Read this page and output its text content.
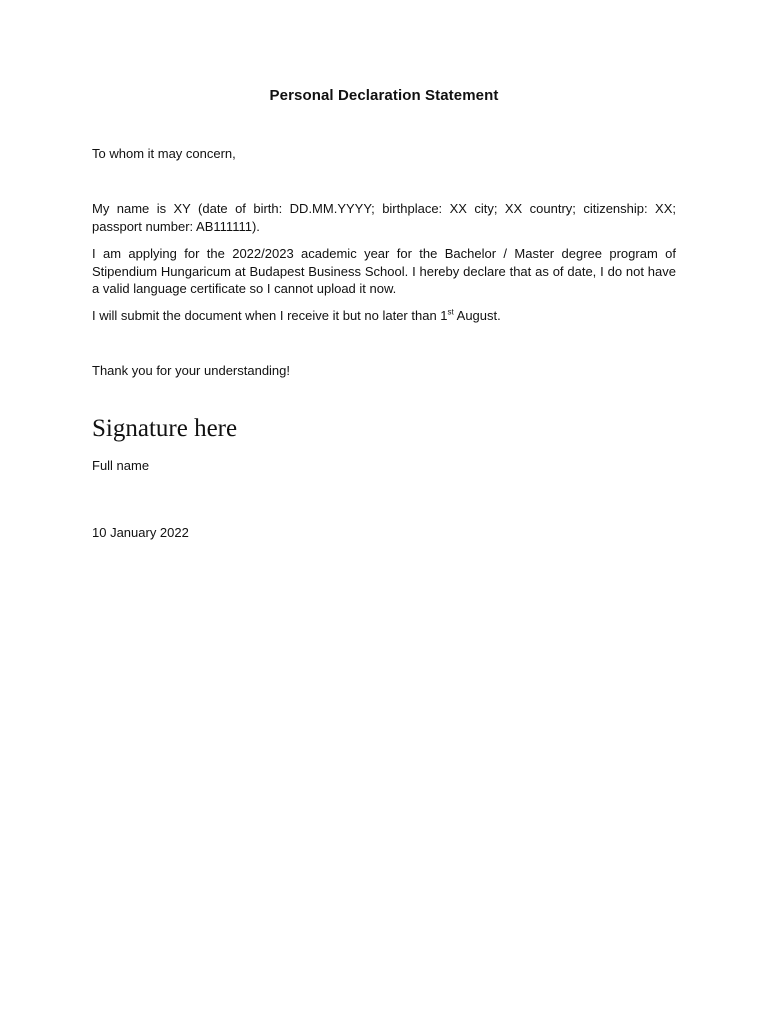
Personal Declaration Statement
To whom it may concern,
My name is XY (date of birth: DD.MM.YYYY; birthplace: XX city; XX country; citizenship: XX; passport number: AB111111).
I am applying for the 2022/2023 academic year for the Bachelor / Master degree program of Stipendium Hungaricum at Budapest Business School. I hereby declare that as of date, I do not have a valid language certificate so I cannot upload it now.
I will submit the document when I receive it but no later than 1st August.
Thank you for your understanding!
Signature here
Full name
10 January 2022
